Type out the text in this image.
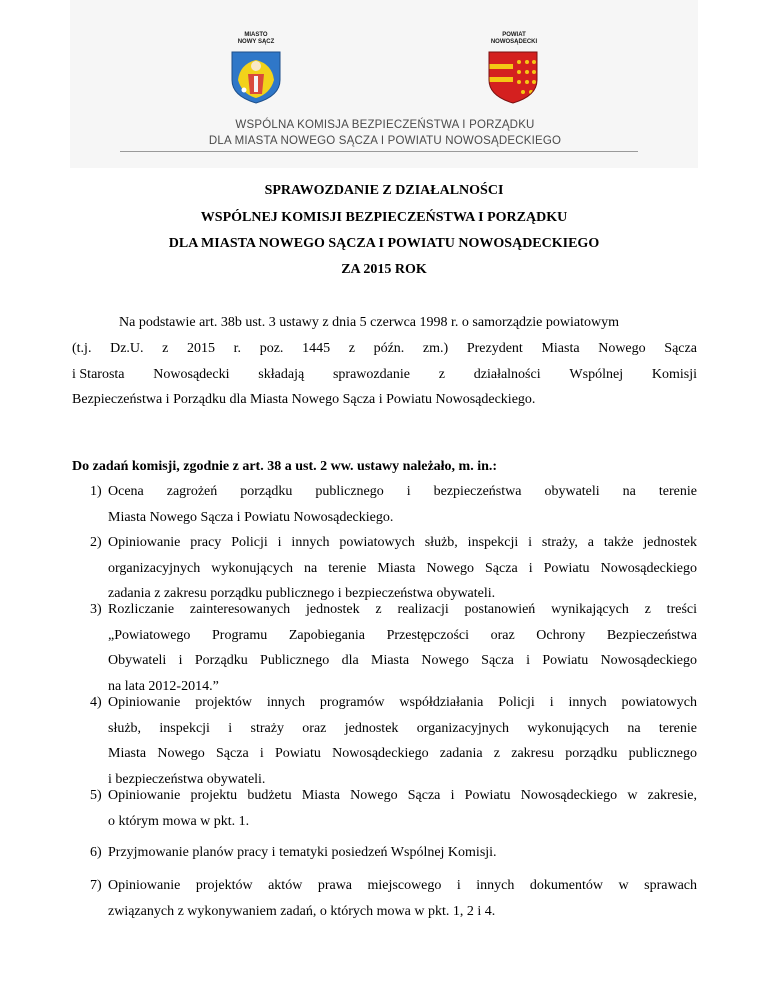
MIASTO
NOWY SĄCZ
POWIAT
NOWOSĄDECKI
WSPÓLNA KOMISJA BEZPIECZEŃSTWA I PORZĄDKU
DLA MIASTA NOWEGO SĄCZA I POWIATU NOWOSĄDECKIEGO
SPRAWOZDANIE Z DZIAŁALNOŚCI
WSPÓLNEJ KOMISJI BEZPIECZEŃSTWA I PORZĄDKU
DLA MIASTA NOWEGO SĄCZA I POWIATU NOWOSĄDECKIEGO
ZA 2015 ROK
Na podstawie art. 38b ust. 3 ustawy z dnia 5 czerwca 1998 r. o samorządzie powiatowym
(t.j. Dz.U. z 2015 r. poz. 1445 z późn. zm.) Prezydent Miasta Nowego Sącza
i Starosta Nowosądecki składają sprawozdanie z działalności Wspólnej Komisji
Bezpieczeństwa i Porządku dla Miasta Nowego Sącza i Powiatu Nowosądeckiego.
Do zadań komisji, zgodnie z art. 38 a ust. 2 ww. ustawy należało, m. in.:
1) Ocena zagrożeń porządku publicznego i bezpieczeństwa obywateli na terenie
Miasta Nowego Sącza i Powiatu Nowosądeckiego.
2) Opiniowanie pracy Policji i innych powiatowych służb, inspekcji i straży, a także jednostek
organizacyjnych wykonujących na terenie Miasta Nowego Sącza i Powiatu Nowosądeckiego
zadania z zakresu porządku publicznego i bezpieczeństwa obywateli.
3) Rozliczanie zainteresowanych jednostek z realizacji postanowień wynikających z treści
„Powiatowego Programu Zapobiegania Przestępczości oraz Ochrony Bezpieczeństwa
Obywateli i Porządku Publicznego dla Miasta Nowego Sącza i Powiatu Nowosądeckiego
na lata 2012-2014.”
4) Opiniowanie projektów innych programów współdziałania Policji i innych powiatowych
służb, inspekcji i straży oraz jednostek organizacyjnych wykonujących na terenie
Miasta Nowego Sącza i Powiatu Nowosądeckiego zadania z zakresu porządku publicznego
i bezpieczeństwa obywateli.
5) Opiniowanie projektu budżetu Miasta Nowego Sącza i Powiatu Nowosądeckiego w zakresie,
o którym mowa w pkt. 1.
6) Przyjmowanie planów pracy i tematyki posiedzeń Wspólnej Komisji.
7) Opiniowanie projektów aktów prawa miejscowego i innych dokumentów w sprawach
związanych z wykonywaniem zadań, o których mowa w pkt. 1, 2 i 4.
